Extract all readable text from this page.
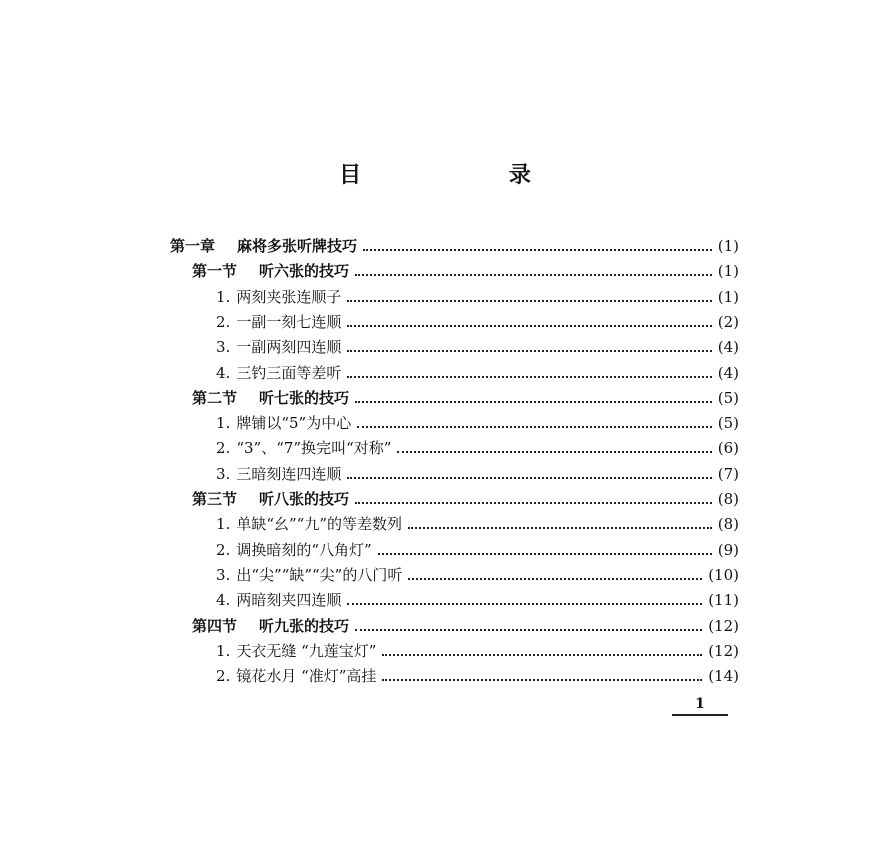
目 录
第一章 麻将多张听牌技巧	(1)
第一节 听六张的技巧	(1)
1. 两刻夹张连顺子	(1)
2. 一副一刻七连顺	(2)
3. 一副两刻四连顺	(4)
4. 三钓三面等差听	(4)
第二节 听七张的技巧	(5)
1. 牌铺以“5”为中心	(5)
2. “3”、“7”换完叫“对称”	(6)
3. 三暗刻连四连顺	(7)
第三节 听八张的技巧	(8)
1. 单缺“幺”“九”的等差数列	(8)
2. 调换暗刻的“八角灯”	(9)
3. 出“尖”“缺”“尖”的八门听	(10)
4. 两暗刻夹四连顺	(11)
第四节 听九张的技巧	(12)
1. 天衣无缝 “九莲宝灯”	(12)
2. 镜花水月 “准灯”高挂	(14)
1
